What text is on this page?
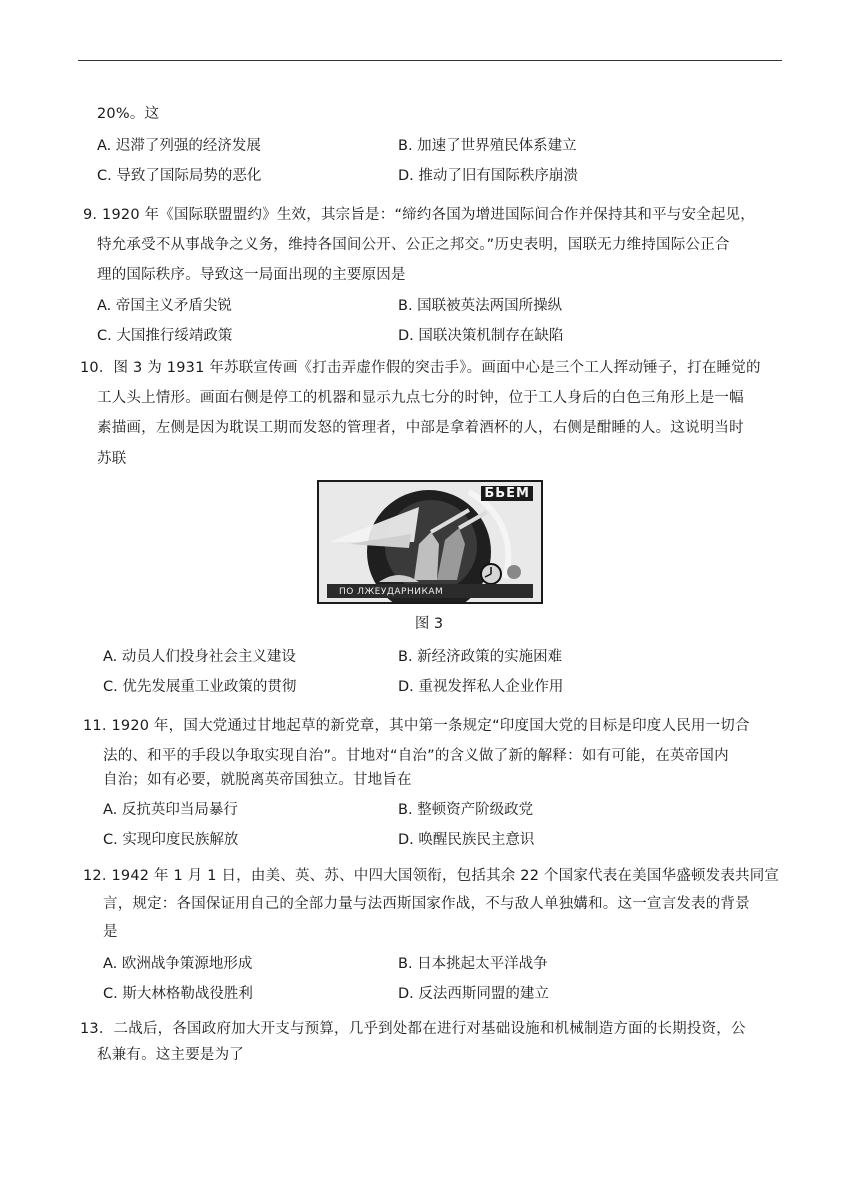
20%。这
A. 迟滞了列强的经济发展	B. 加速了世界殖民体系建立
C. 导致了国际局势的恶化	D. 推动了旧有国际秩序崩溃
9. 1920 年《国际联盟盟约》生效，其宗旨是：“缔约各国为增进国际间合作并保持其和平与安全起见，
特允承受不从事战争之义务，维持各国间公开、公正之邦交。”历史表明，国联无力维持国际公正合
理的国际秩序。导致这一局面出现的主要原因是
A. 帝国主义矛盾尖锐	B. 国联被英法两国所操纵
C. 大国推行绥靖政策	D. 国联决策机制存在缺陷
10．图 3 为 1931 年苏联宣传画《打击弄虚作假的突击手》。画面中心是三个工人挥动锤子，打在睡觉的
工人头上情形。画面右侧是停工的机器和显示九点七分的时钟，位于工人身后的白色三角形上是一幅
素描画，左侧是因为耽误工期而发怒的管理者，中部是拿着酒杯的人，右侧是酣睡的人。这说明当时
苏联
БЬЕМ
ПО ЛЖЕУДАРНИКАМ
图 3
A. 动员人们投身社会主义建设	B. 新经济政策的实施困难
C. 优先发展重工业政策的贯彻	D. 重视发挥私人企业作用
11. 1920 年，国大党通过甘地起草的新党章，其中第一条规定“印度国大党的目标是印度人民用一切合
法的、和平的手段以争取实现自治”。甘地对“自治”的含义做了新的解释：如有可能，在英帝国内
自治；如有必要，就脱离英帝国独立。甘地旨在
A. 反抗英印当局暴行	B. 整顿资产阶级政党
C. 实现印度民族解放	D. 唤醒民族民主意识
12. 1942 年 1 月 1 日，由美、英、苏、中四大国领衔，包括其余 22 个国家代表在美国华盛顿发表共同宣
言，规定：各国保证用自己的全部力量与法西斯国家作战，不与敌人单独媾和。这一宣言发表的背景
是
A. 欧洲战争策源地形成	B. 日本挑起太平洋战争
C. 斯大林格勒战役胜利	D. 反法西斯同盟的建立
13．二战后，各国政府加大开支与预算，几乎到处都在进行对基础设施和机械制造方面的长期投资，公
私兼有。这主要是为了
